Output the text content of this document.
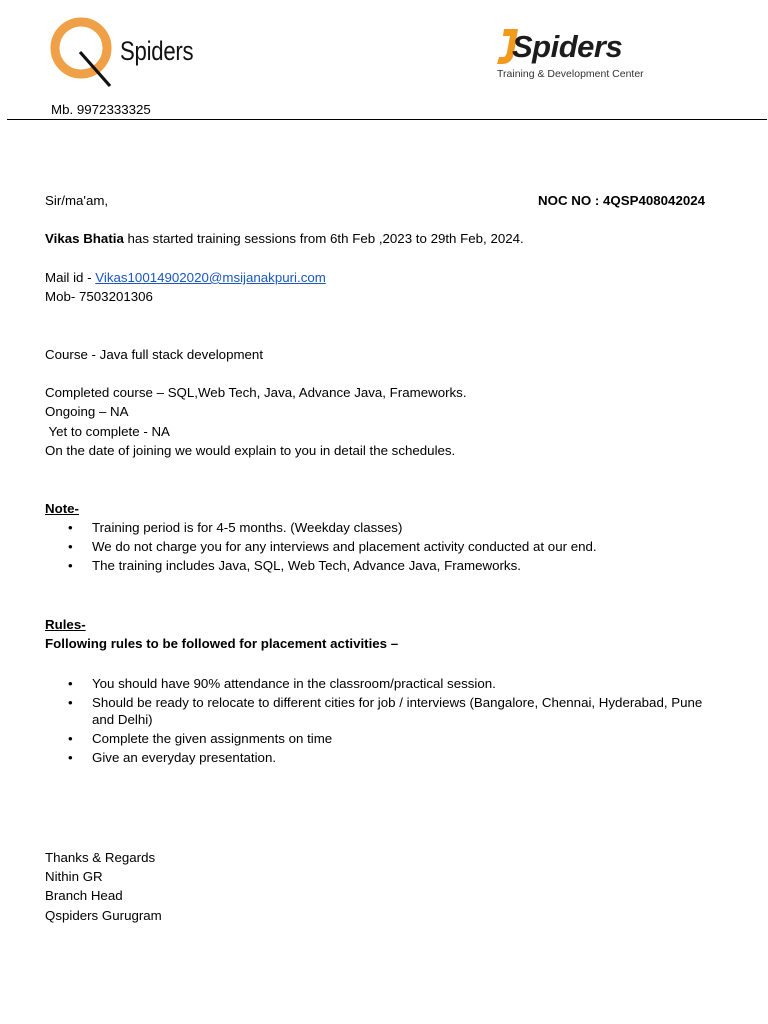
Spiders	Spiders
Training & Development Center
Mb. 9972333325
Sir/ma'am,	NOC NO : 4QSP408042024
Vikas Bhatia has started training sessions from 6th Feb ,2023 to 29th Feb, 2024.
Mail id - Vikas10014902020@msijanakpuri.com
Mob- 7503201306
Course - Java full stack development
Completed course – SQL,Web Tech, Java, Advance Java, Frameworks.
Ongoing – NA
Yet to complete - NA
On the date of joining we would explain to you in detail the schedules.
Note-
• Training period is for 4-5 months. (Weekday classes)
• We do not charge you for any interviews and placement activity conducted at our end.
• The training includes Java, SQL, Web Tech, Advance Java, Frameworks.
Rules-
Following rules to be followed for placement activities –
• You should have 90% attendance in the classroom/practical session.
• Should be ready to relocate to different cities for job / interviews (Bangalore, Chennai, Hyderabad, Pune and Delhi)
• Complete the given assignments on time
• Give an everyday presentation.
Thanks & Regards
Nithin GR
Branch Head
Qspiders Gurugram
